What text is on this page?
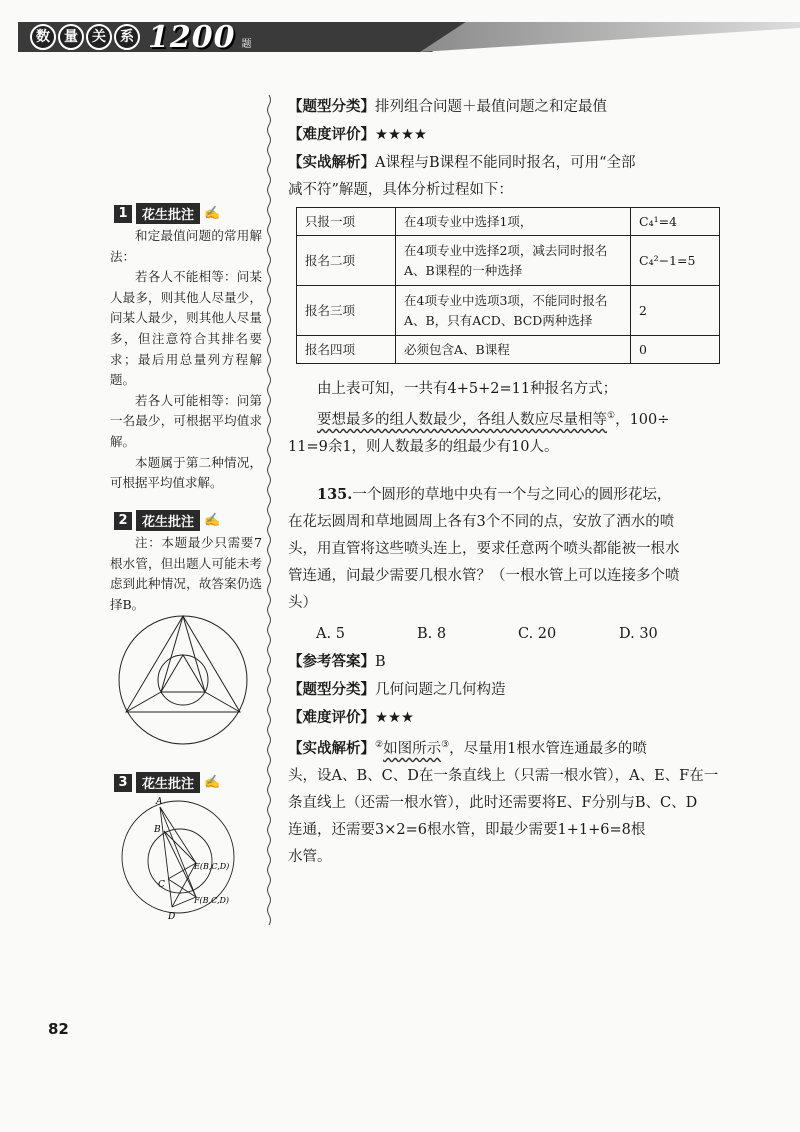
数	量	关	系 1200 题
1	花生批注 ✍

和定最值问题的常用解法：

若各人不能相等：问某人最多，则其他人尽量少，问某人最少，则其他人尽量多，但注意符合其排名要求；最后用总量列方程解题。

若各人可能相等：问第一名最少，可根据平均值求解。

本题属于第二种情况，可根据平均值求解。

2	花生批注 ✍

注：本题最少只需要7根水管，但出题人可能未考虑到此种情况，故答案仍选择B。

3	花生批注 ✍
A
B
C
D
E(B,C,D)
F(B,C,D)

【题型分类】排列组合问题＋最值问题之和定最值

【难度评价】★★★★

【实战解析】A课程与B课程不能同时报名，可用“全部

减不符”解题，具体分析过程如下：

只报一项	在4项专业中选择1项，	C₄¹=4
报名二项	在4项专业中选择2项，减去同时报名A、B课程的一种选择	C₄²−1=5
报名三项	在4项专业中选项3项，不能同时报名A、B，只有ACD、BCD两种选择	2
报名四项	必须包含A、B课程	0

由上表可知，一共有4+5+2=11种报名方式；

要想最多的组人数最少，各组人数应尽量相等①，100÷

11=9余1，则人数最多的组最少有10人。

135.一个圆形的草地中央有一个与之同心的圆形花坛，

在花坛圆周和草地圆周上各有3个不同的点，安放了洒水的喷

头，用直管将这些喷头连上，要求任意两个喷头都能被一根水

管连通，问最少需要几根水管？（一根水管上可以连接多个喷

头）

A. 5	B. 8	C. 20	D. 30

【参考答案】B

【题型分类】几何问题之几何构造

【难度评价】★★★

【实战解析】②如图所示③，尽量用1根水管连通最多的喷

头，设A、B、C、D在一条直线上（只需一根水管），A、E、F在一

条直线上（还需一根水管），此时还需要将E、F分别与B、C、D

连通，还需要3×2=6根水管，即最少需要1+1+6=8根

水管。

82
